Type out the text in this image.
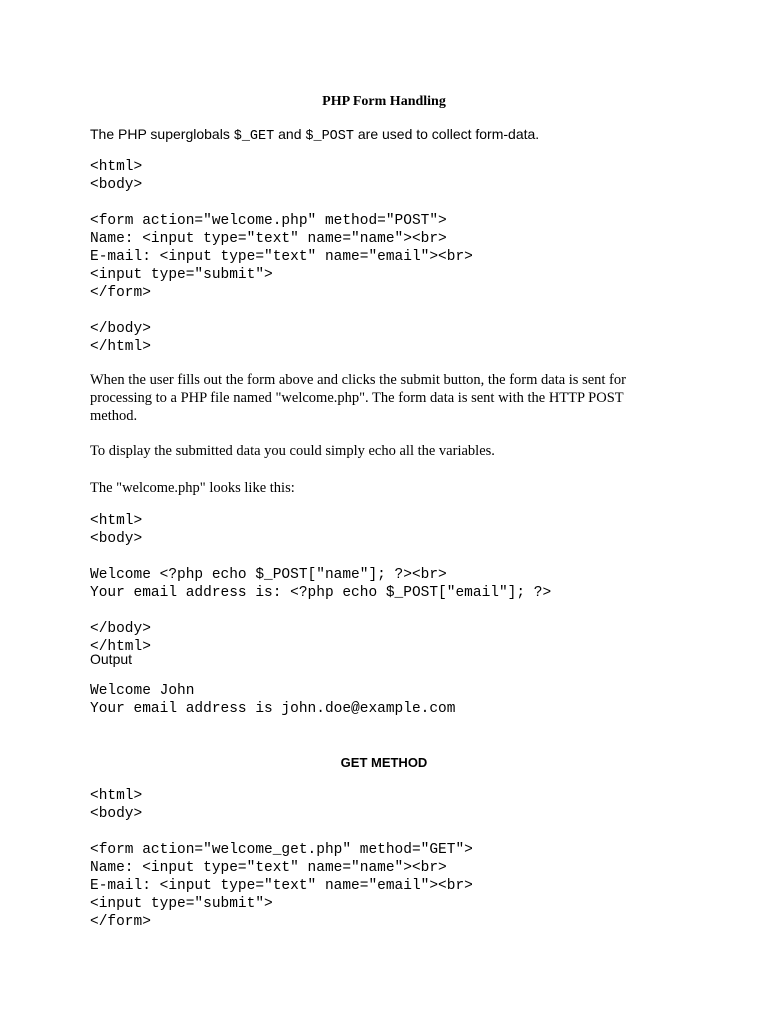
PHP Form Handling
The PHP superglobals $_GET and $_POST are used to collect form-data.
<html>
<body>

<form action="welcome.php" method="POST">
Name: <input type="text" name="name"><br>
E-mail: <input type="text" name="email"><br>
<input type="submit">
</form>

</body>
</html>
When the user fills out the form above and clicks the submit button, the form data is sent for processing to a PHP file named "welcome.php". The form data is sent with the HTTP POST method.
To display the submitted data you could simply echo all the variables.
The "welcome.php" looks like this:
<html>
<body>

Welcome <?php echo $_POST["name"]; ?><br>
Your email address is: <?php echo $_POST["email"]; ?>

</body>
</html>
Output
Welcome John
Your email address is john.doe@example.com
GET METHOD
<html>
<body>

<form action="welcome_get.php" method="GET">
Name: <input type="text" name="name"><br>
E-mail: <input type="text" name="email"><br>
<input type="submit">
</form>
